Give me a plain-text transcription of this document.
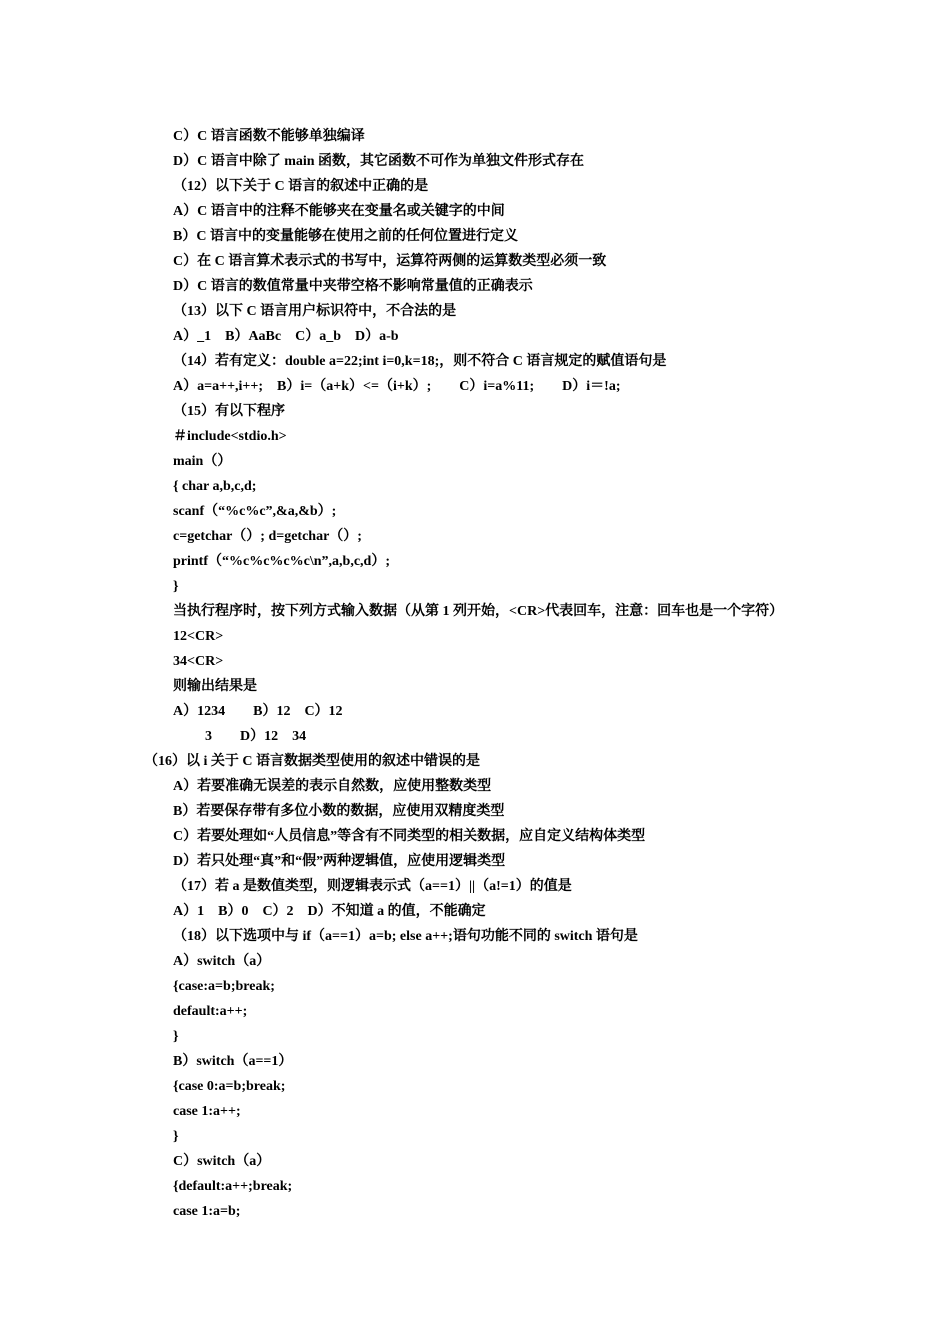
C）C 语言函数不能够单独编译
D）C 语言中除了 main 函数，其它函数不可作为单独文件形式存在
（12）以下关于 C 语言的叙述中正确的是
A）C 语言中的注释不能够夹在变量名或关键字的中间
B）C 语言中的变量能够在使用之前的任何位置进行定义
C）在 C 语言算术表示式的书写中，运算符两侧的运算数类型必须一致
D）C 语言的数值常量中夹带空格不影响常量值的正确表示
（13）以下 C 语言用户标识符中，不合法的是
A）_1    B）AaBc    C）a_b    D）a-b
（14）若有定义：double a=22;int i=0,k=18;，则不符合 C 语言规定的赋值语句是
A）a=a++,i++;    B）i=（a+k）<=（i+k）;        C）i=a%11;        D）i＝!a;
（15）有以下程序
＃include<stdio.h>
main（）
{ char a,b,c,d;
scanf（“%c%c”,&a,&b）;
c=getchar（）; d=getchar（）;
printf（“%c%c%c%c\n”,a,b,c,d）;
}
当执行程序时，按下列方式输入数据（从第 1 列开始，<CR>代表回车，注意：回车也是一个字符）
12<CR>
34<CR>
则输出结果是
A）1234        B）12    C）12
3        D）12    34
（16）以 i 关于 C 语言数据类型使用的叙述中错误的是
A）若要准确无误差的表示自然数，应使用整数类型
B）若要保存带有多位小数的数据，应使用双精度类型
C）若要处理如“人员信息”等含有不同类型的相关数据，应自定义结构体类型
D）若只处理“真”和“假”两种逻辑值，应使用逻辑类型
（17）若 a 是数值类型，则逻辑表示式（a==1）||（a!=1）的值是
A）1    B）0    C）2    D）不知道 a 的值，不能确定
（18）以下选项中与 if（a==1）a=b; else a++;语句功能不同的 switch 语句是
A）switch（a）
{case:a=b;break;
default:a++;
}
B）switch（a==1）
{case 0:a=b;break;
case 1:a++;
}
C）switch（a）
{default:a++;break;
case 1:a=b;
